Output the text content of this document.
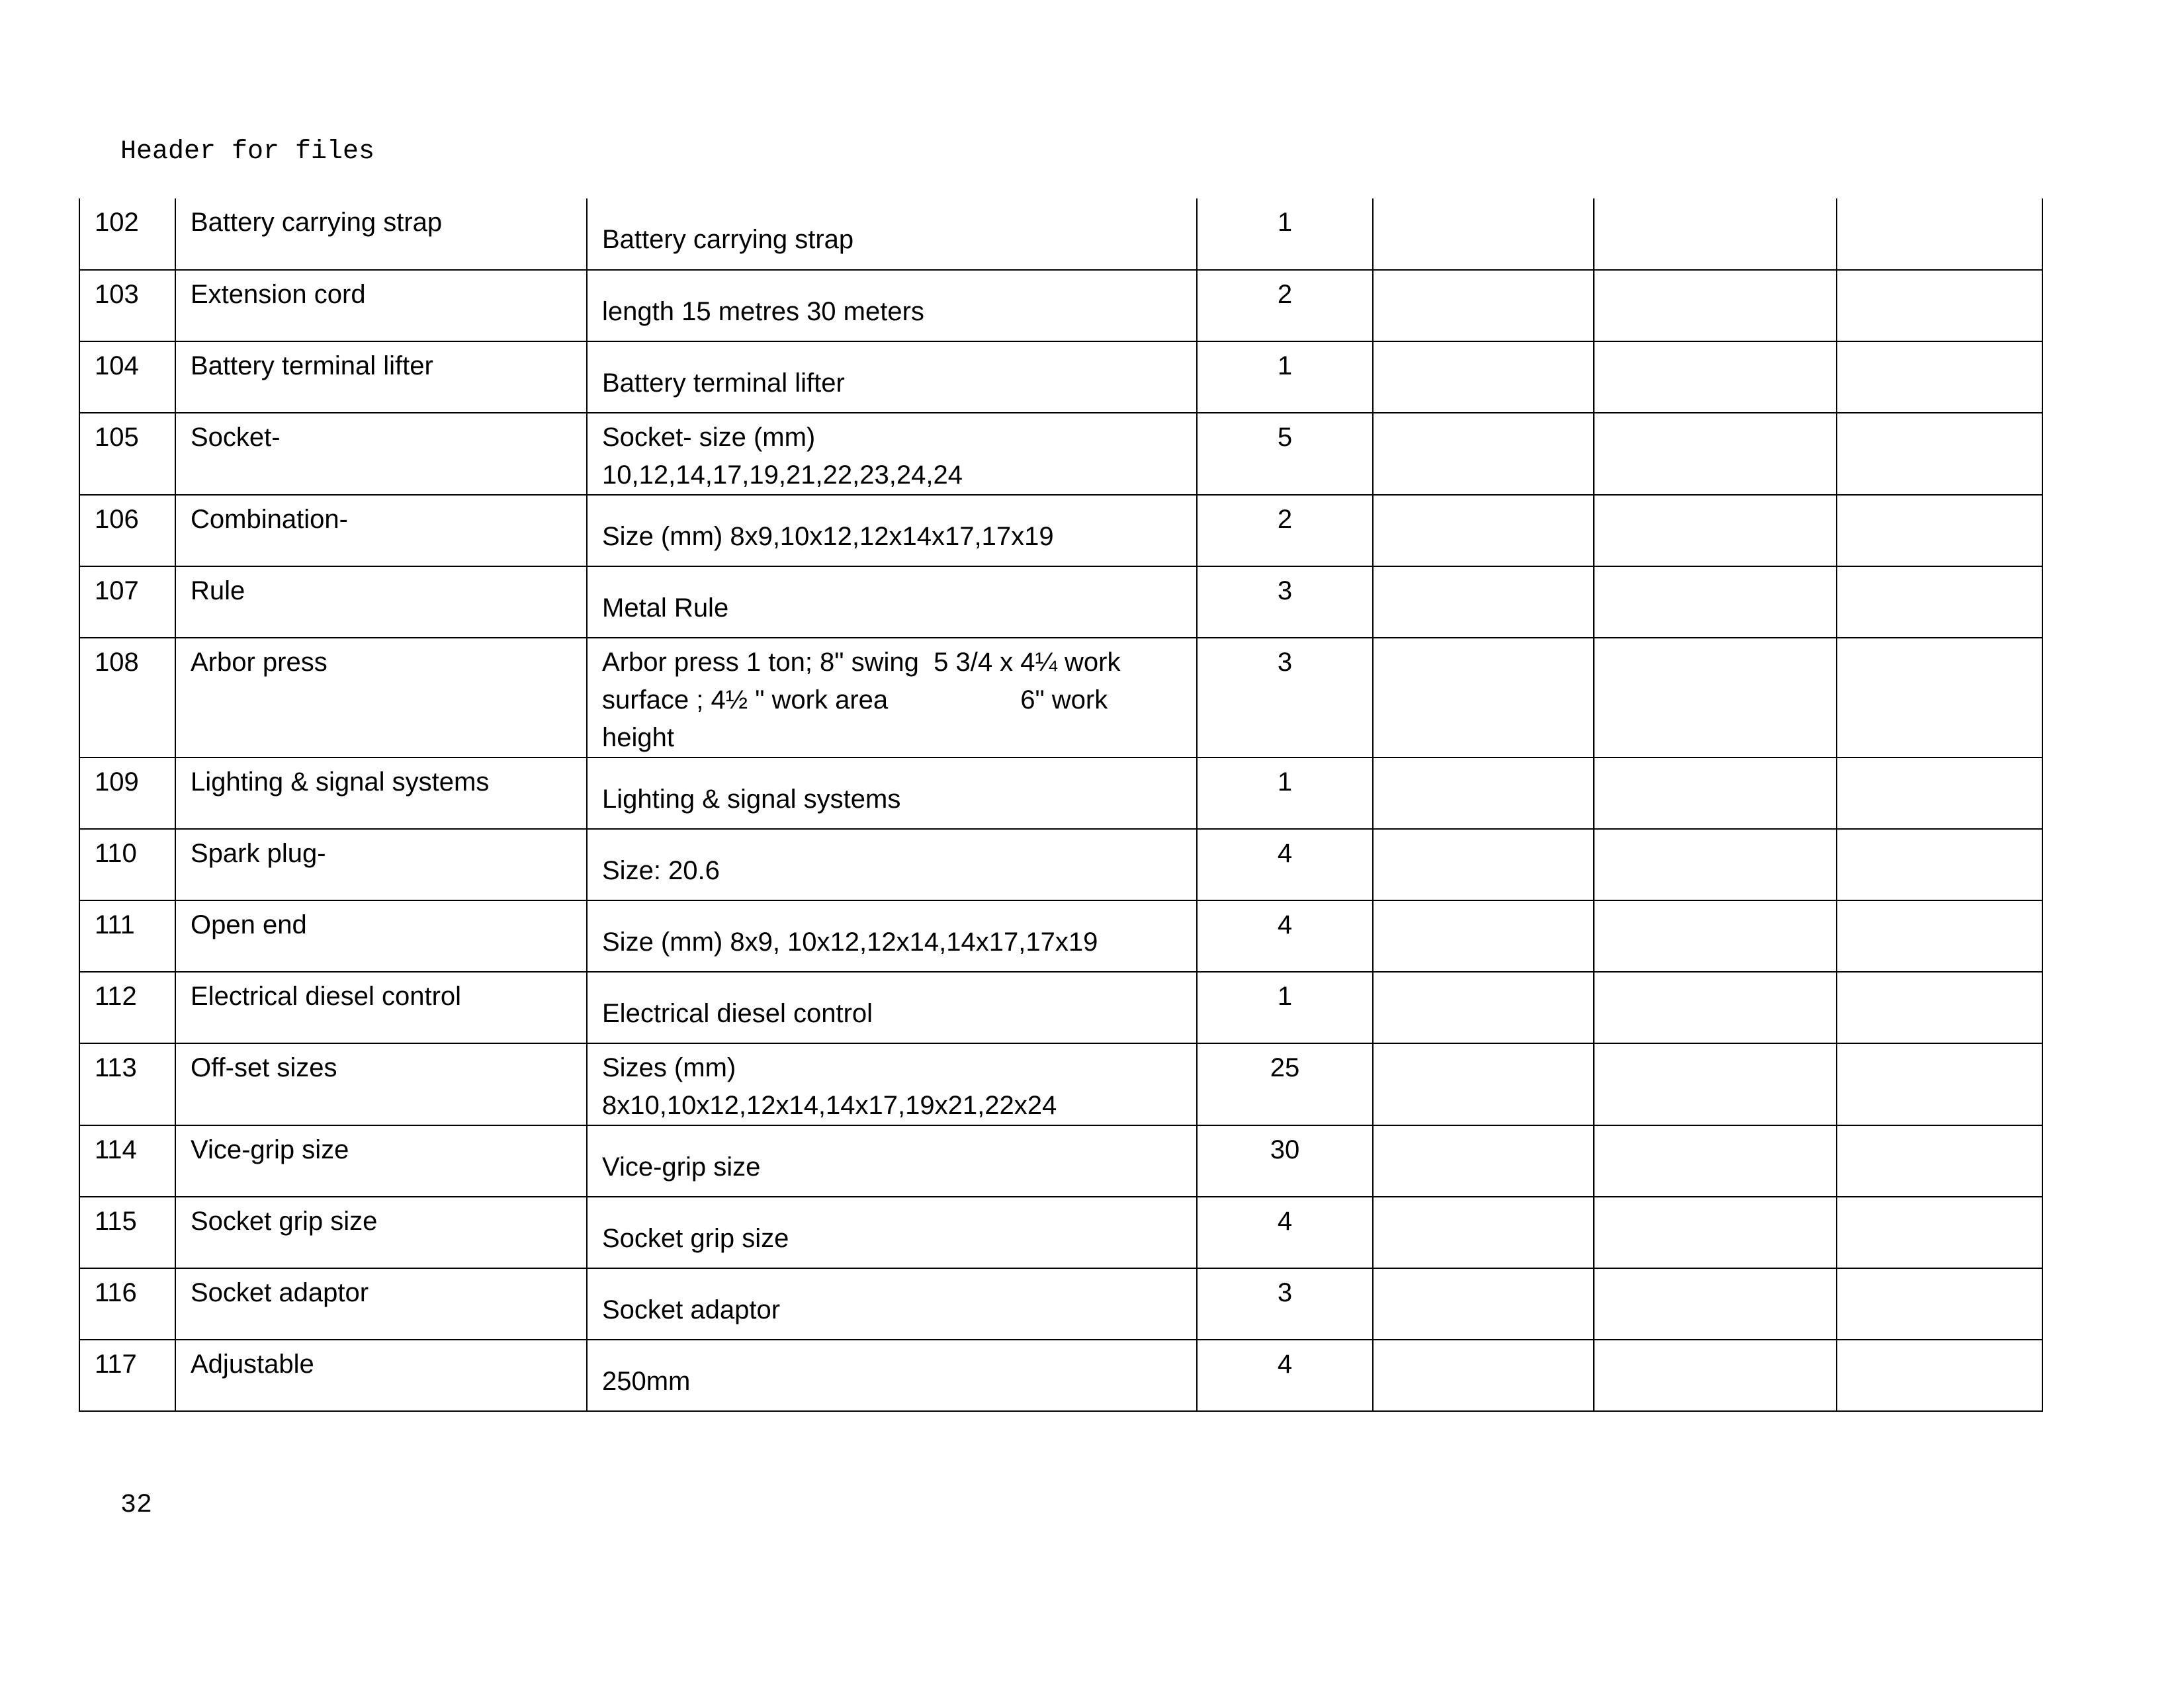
Header for files
102	Battery carrying strap	Battery carrying strap	1			
103	Extension cord	length 15 metres 30 meters	2			
104	Battery terminal lifter	Battery terminal lifter	1			
105	Socket-	Socket- size (mm) 10,12,14,17,19,21,22,23,24,24	5			
106	Combination-	Size (mm) 8x9,10x12,12x14x17,17x19	2			
107	Rule	Metal Rule	3			
108	Arbor press	Arbor press 1 ton; 8" swing  5 3/4 x 4¼ work surface ; 4½ " work area                  6" work height	3			
109	Lighting & signal systems	Lighting & signal systems	1			
110	Spark plug-	Size: 20.6	4			
111	Open end	Size (mm) 8x9, 10x12,12x14,14x17,17x19	4			
112	Electrical diesel control	Electrical diesel control	1			
113	Off-set sizes	Sizes (mm) 8x10,10x12,12x14,14x17,19x21,22x24	25			
114	Vice-grip size	Vice-grip size	30			
115	Socket grip size	Socket grip size	4			
116	Socket adaptor	Socket adaptor	3			
117	Adjustable	250mm	4			
32
